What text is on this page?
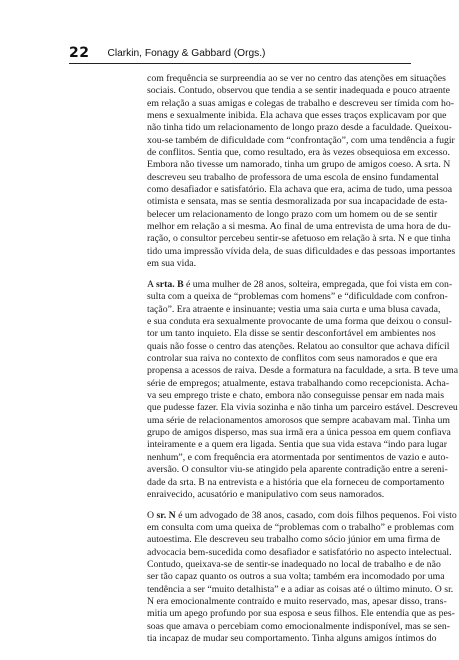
22 Clarkin, Fonagy & Gabbard (Orgs.)
com frequência se surpreendia ao se ver no centro das atenções em situações
sociais. Contudo, observou que tendia a se sentir inadequada e pouco atraente
em relação a suas amigas e colegas de trabalho e descreveu ser tímida com ho-
mens e sexualmente inibida. Ela achava que esses traços explicavam por que
não tinha tido um relacionamento de longo prazo desde a faculdade. Queixou-
xou-se também de dificuldade com “confrontação”, com uma tendência a fugir
de conflitos. Sentia que, como resultado, era às vezes obsequiosa em excesso.
Embora não tivesse um namorado, tinha um grupo de amigos coeso. A srta. N
descreveu seu trabalho de professora de uma escola de ensino fundamental
como desafiador e satisfatório. Ela achava que era, acima de tudo, uma pessoa
otimista e sensata, mas se sentia desmoralizada por sua incapacidade de esta-
belecer um relacionamento de longo prazo com um homem ou de se sentir
melhor em relação a si mesma. Ao final de uma entrevista de uma hora de du-
ração, o consultor percebeu sentir-se afetuoso em relação à srta. N e que tinha
tido uma impressão vívida dela, de suas dificuldades e das pessoas importantes
em sua vida.
A srta. B é uma mulher de 28 anos, solteira, empregada, que foi vista em con-
sulta com a queixa de “problemas com homens” e “dificuldade com confron-
tação”. Era atraente e insinuante; vestia uma saia curta e uma blusa cavada,
e sua conduta era sexualmente provocante de uma forma que deixou o consul-
tor um tanto inquieto. Ela disse se sentir desconfortável em ambientes nos
quais não fosse o centro das atenções. Relatou ao consultor que achava difícil
controlar sua raiva no contexto de conflitos com seus namorados e que era
propensa a acessos de raiva. Desde a formatura na faculdade, a srta. B teve uma
série de empregos; atualmente, estava trabalhando como recepcionista. Acha-
va seu emprego triste e chato, embora não conseguisse pensar em nada mais
que pudesse fazer. Ela vivia sozinha e não tinha um parceiro estável. Descreveu
uma série de relacionamentos amorosos que sempre acabavam mal. Tinha um
grupo de amigos disperso, mas sua irmã era a única pessoa em quem confiava
inteiramente e a quem era ligada. Sentia que sua vida estava “indo para lugar
nenhum”, e com frequência era atormentada por sentimentos de vazio e auto-
aversão. O consultor viu-se atingido pela aparente contradição entre a sereni-
dade da srta. B na entrevista e a história que ela forneceu de comportamento
enraivecido, acusatório e manipulativo com seus namorados.
O sr. N é um advogado de 38 anos, casado, com dois filhos pequenos. Foi visto
em consulta com uma queixa de “problemas com o trabalho” e problemas com
autoestima. Ele descreveu seu trabalho como sócio júnior em uma firma de
advocacia bem-sucedida como desafiador e satisfatório no aspecto intelectual.
Contudo, queixava-se de sentir-se inadequado no local de trabalho e de não
ser tão capaz quanto os outros a sua volta; também era incomodado por uma
tendência a ser “muito detalhista” e a adiar as coisas até o último minuto. O sr.
N era emocionalmente contraído e muito reservado, mas, apesar disso, trans-
mitia um apego profundo por sua esposa e seus filhos. Ele entendia que as pes-
soas que amava o percebiam como emocionalmente indisponível, mas se sen-
tia incapaz de mudar seu comportamento. Tinha alguns amigos íntimos do
